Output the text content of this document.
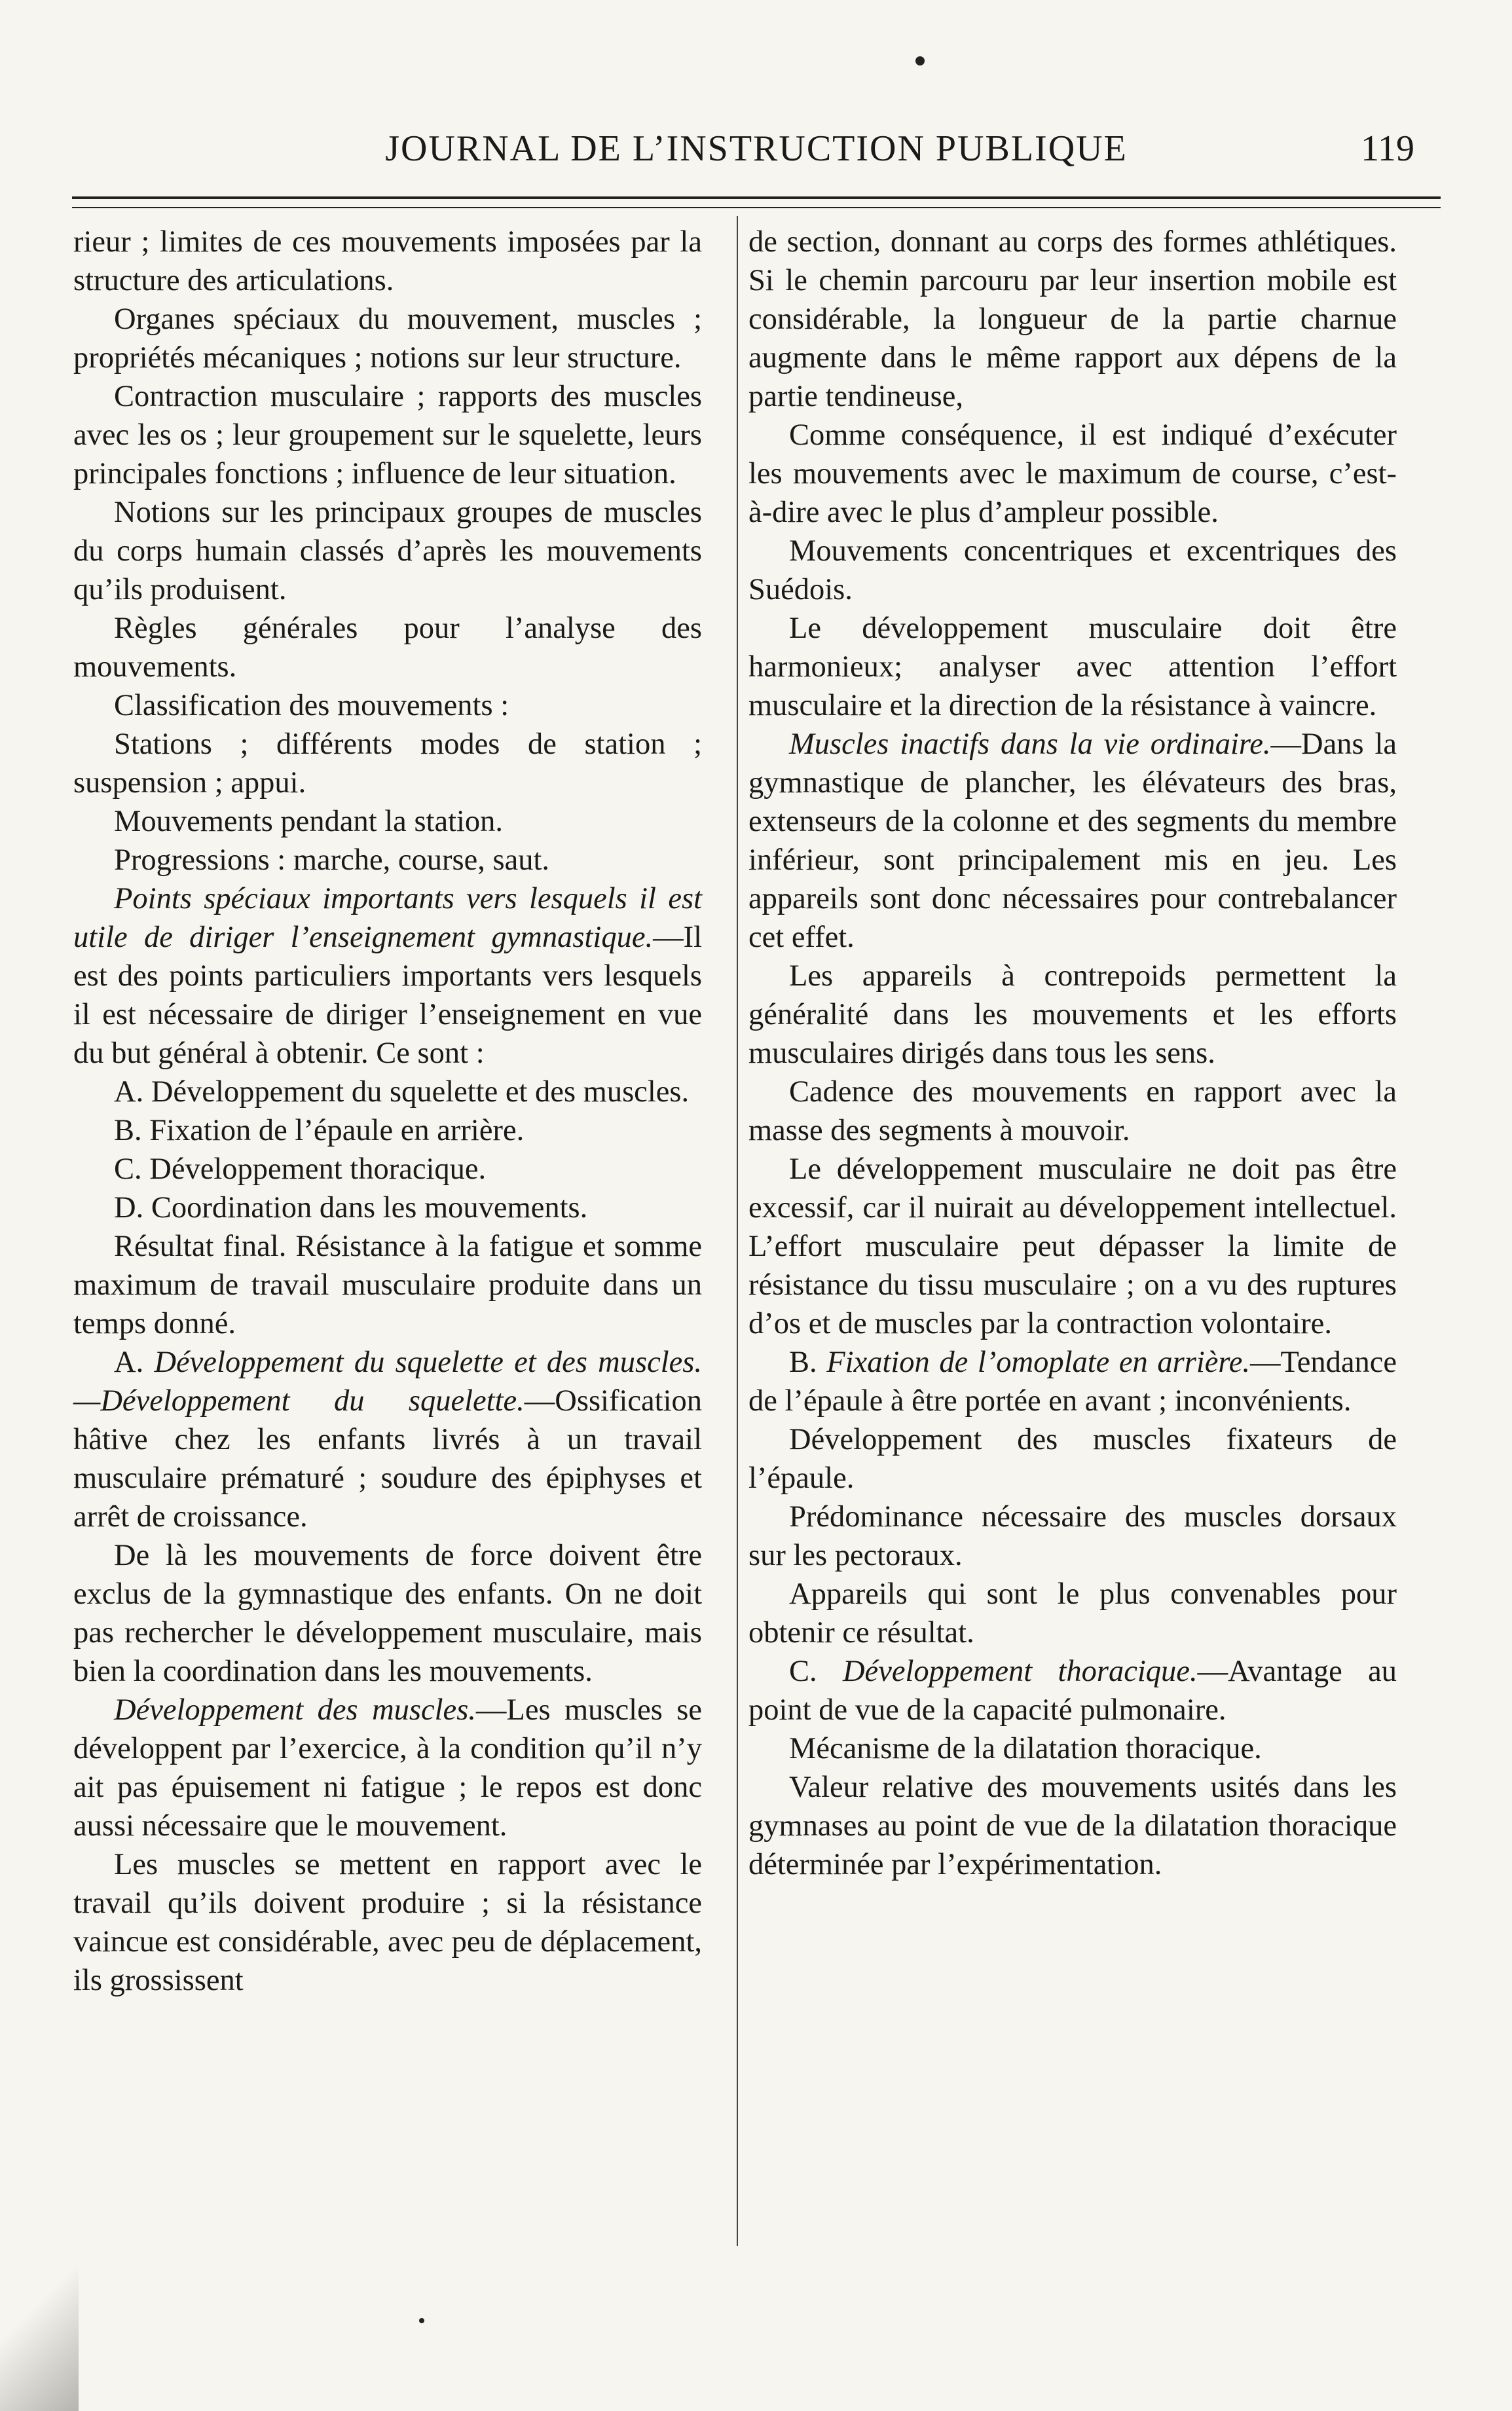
JOURNAL DE L’INSTRUCTION PUBLIQUE	119

rieur ; limites de ces mouvements imposées par la structure des articulations.

Organes spéciaux du mouvement, muscles ; propriétés mécaniques ; notions sur leur structure.

Contraction musculaire ; rapports des muscles avec les os ; leur groupement sur le squelette, leurs principales fonctions ; influence de leur situation.

Notions sur les principaux groupes de muscles du corps humain classés d’après les mouvements qu’ils produisent.

Règles générales pour l’analyse des mouvements.

Classification des mouvements :

Stations ; différents modes de station ; suspension ; appui.

Mouvements pendant la station.

Progressions : marche, course, saut.

Points spéciaux importants vers lesquels il est utile de diriger l’enseignement gymnastique.—Il est des points particuliers importants vers lesquels il est nécessaire de diriger l’enseignement en vue du but général à obtenir. Ce sont :

A. Développement du squelette et des muscles.

B. Fixation de l’épaule en arrière.

C. Développement thoracique.

D. Coordination dans les mouvements.

Résultat final. Résistance à la fatigue et somme maximum de travail musculaire produite dans un temps donné.

A. Développement du squelette et des muscles.—Développement du squelette.—Ossification hâtive chez les enfants livrés à un travail musculaire prématuré ; soudure des épiphyses et arrêt de croissance.

De là les mouvements de force doivent être exclus de la gymnastique des enfants. On ne doit pas rechercher le développement musculaire, mais bien la coordination dans les mouvements.

Développement des muscles.—Les muscles se développent par l’exercice, à la condition qu’il n’y ait pas épuisement ni fatigue ; le repos est donc aussi nécessaire que le mouvement.

Les muscles se mettent en rapport avec le travail qu’ils doivent produire ; si la résistance vaincue est considérable, avec peu de déplacement, ils grossissent

de section, donnant au corps des formes athlétiques. Si le chemin parcouru par leur insertion mobile est considérable, la longueur de la partie charnue augmente dans le même rapport aux dépens de la partie tendineuse,

Comme conséquence, il est indiqué d’exécuter les mouvements avec le maximum de course, c’est-à-dire avec le plus d’ampleur possible.

Mouvements concentriques et excentriques des Suédois.

Le développement musculaire doit être harmonieux; analyser avec attention l’effort musculaire et la direction de la résistance à vaincre.

Muscles inactifs dans la vie ordinaire.—Dans la gymnastique de plancher, les élévateurs des bras, extenseurs de la colonne et des segments du membre inférieur, sont principalement mis en jeu. Les appareils sont donc nécessaires pour contrebalancer cet effet.

Les appareils à contrepoids permettent la généralité dans les mouvements et les efforts musculaires dirigés dans tous les sens.

Cadence des mouvements en rapport avec la masse des segments à mouvoir.

Le développement musculaire ne doit pas être excessif, car il nuirait au développement intellectuel. L’effort musculaire peut dépasser la limite de résistance du tissu musculaire ; on a vu des ruptures d’os et de muscles par la contraction volontaire.

B. Fixation de l’omoplate en arrière.—Tendance de l’épaule à être portée en avant ; inconvénients.

Développement des muscles fixateurs de l’épaule.

Prédominance nécessaire des muscles dorsaux sur les pectoraux.

Appareils qui sont le plus convenables pour obtenir ce résultat.

C. Développement thoracique.—Avantage au point de vue de la capacité pulmonaire.

Mécanisme de la dilatation thoracique.

Valeur relative des mouvements usités dans les gymnases au point de vue de la dilatation thoracique déterminée par l’expérimentation.
